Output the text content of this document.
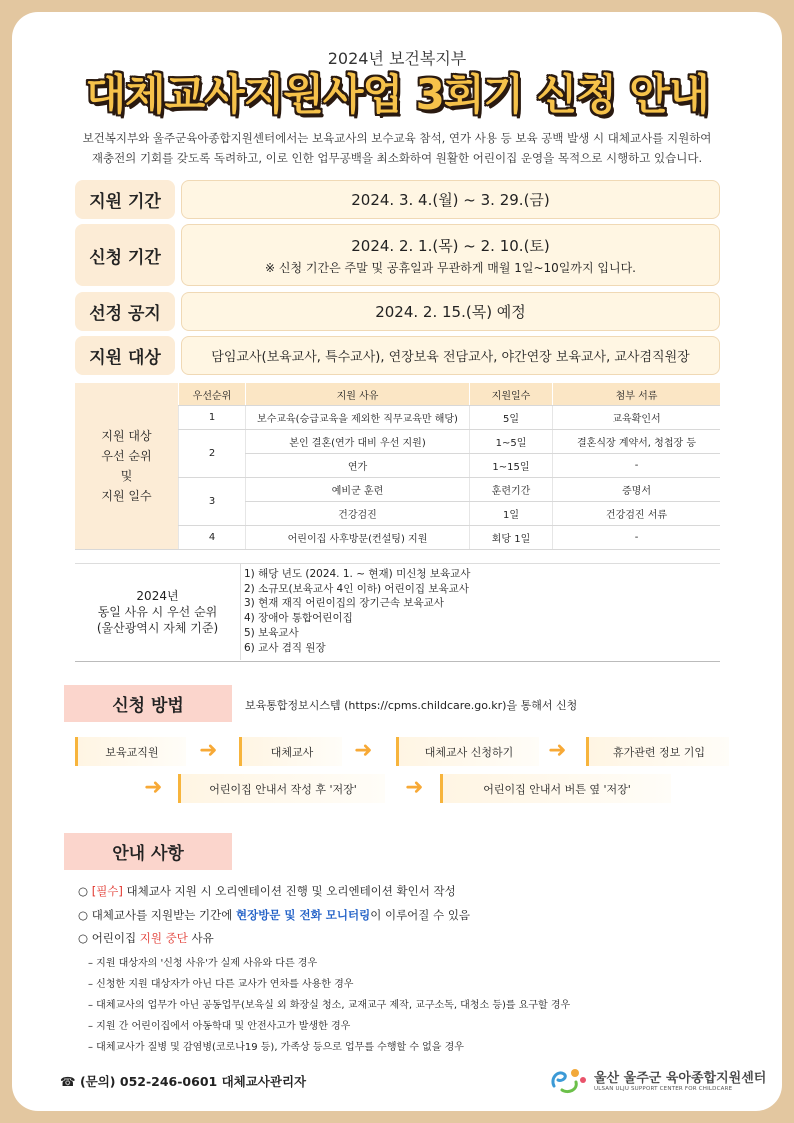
2024년 보건복지부
대체교사지원사업 3회기 신청 안내
보건복지부와 울주군육아종합지원센터에서는 보육교사의 보수교육 참석, 연가 사용 등 보육 공백 발생 시 대체교사를 지원하여
재충전의 기회를 갖도록 독려하고, 이로 인한 업무공백을 최소화하여 원활한 어린이집 운영을 목적으로 시행하고 있습니다.
지원 기간	2024. 3. 4.(월) ~ 3. 29.(금)
신청 기간
2024. 2. 1.(목) ~ 2. 10.(토)
※ 신청 기간은 주말 및 공휴일과 무관하게 매월 1일~10일까지 입니다.
선정 공지	2024. 2. 15.(목) 예정
지원 대상	담임교사(보육교사, 특수교사), 연장보육 전담교사, 야간연장 보육교사, 교사겸직원장
지원 대상
우선 순위
및
지원 일수	우선순위	지원 사유	지원일수	첨부 서류
	1	보수교육(승급교육을 제외한 직무교육만 해당)	5일	교육확인서
	2	본인 결혼(연가 대비 우선 지원)	1~5일	결혼식장 계약서, 청첩장 등
		연가	1~15일	-
	3	예비군 훈련	훈련기간	증명서
		건강검진	1일	건강검진 서류
	4	어린이집 사후방문(컨설팅) 지원	회당 1일	-
2024년
동일 사유 시 우선 순위
(울산광역시 자체 기준)
1) 해당 년도 (2024. 1. ~ 현재) 미신청 보육교사
2) 소규모(보육교사 4인 이하) 어린이집 보육교사
3) 현재 재직 어린이집의 장기근속 보육교사
4) 장애아 통합어린이집
5) 보육교사
6) 교사 겸직 원장
신청 방법	보육통합정보시스템 (https://cpms.childcare.go.kr)을 통해서 신청
보육교직원	➜	대체교사	➜	대체교사 신청하기	➜	휴가관련 정보 기입
➜	어린이집 안내서 작성 후 '저장'	➜	어린이집 안내서 버튼 옆 '저장'
안내 사항
○ [필수] 대체교사 지원 시 오리엔테이션 진행 및 오리엔테이션 확인서 작성
○ 대체교사를 지원받는 기간에 현장방문 및 전화 모니터링이 이루어질 수 있음
○ 어린이집 지원 중단 사유
– 지원 대상자의 '신청 사유'가 실제 사유와 다른 경우
– 신청한 지원 대상자가 아닌 다른 교사가 연차를 사용한 경우
– 대체교사의 업무가 아닌 공동업무(보육실 외 화장실 청소, 교재교구 제작, 교구소독, 대청소 등)를 요구할 경우
– 지원 간 어린이집에서 아동학대 및 안전사고가 발생한 경우
– 대체교사가 질병 및 감염병(코로나19 등), 가족상 등으로 업무를 수행할 수 없을 경우
☎ (문의) 052-246-0601 대체교사관리자	울산 울주군 육아종합지원센터
ULSAN ULJU SUPPORT CENTER FOR CHILDCARE
